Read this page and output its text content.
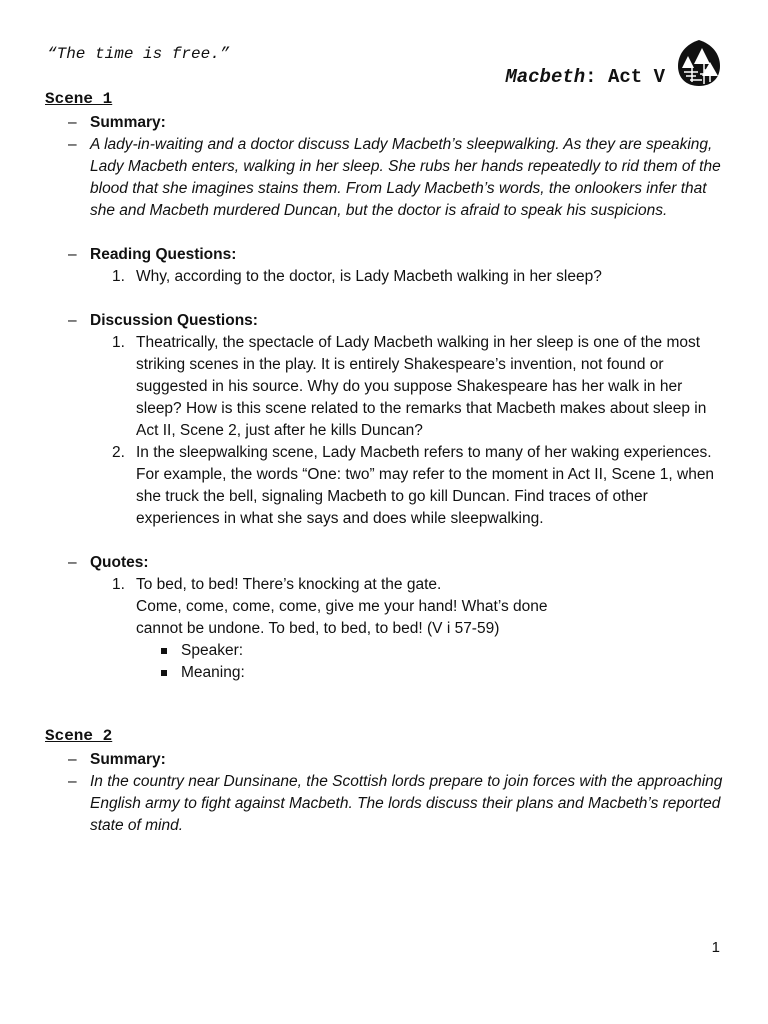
“The time is free.”
Macbeth: Act V
Scene 1
– Summary:
– A lady-in-waiting and a doctor discuss Lady Macbeth’s sleepwalking. As they are speaking, Lady Macbeth enters, walking in her sleep. She rubs her hands repeatedly to rid them of the blood that she imagines stains them. From Lady Macbeth’s words, the onlookers infer that she and Macbeth murdered Duncan, but the doctor is afraid to speak his suspicions.
– Reading Questions:
1. Why, according to the doctor, is Lady Macbeth walking in her sleep?
– Discussion Questions:
1. Theatrically, the spectacle of Lady Macbeth walking in her sleep is one of the most striking scenes in the play. It is entirely Shakespeare’s invention, not found or suggested in his source. Why do you suppose Shakespeare has her walk in her sleep? How is this scene related to the remarks that Macbeth makes about sleep in Act II, Scene 2, just after he kills Duncan?
2. In the sleepwalking scene, Lady Macbeth refers to many of her waking experiences. For example, the words “One: two” may refer to the moment in Act II, Scene 1, when she truck the bell, signaling Macbeth to go kill Duncan. Find traces of other experiences in what she says and does while sleepwalking.
– Quotes:
1. To bed, to bed! There’s knocking at the gate.
Come, come, come, come, give me your hand! What’s done
cannot be undone. To bed, to bed, to bed! (V i 57-59)
Speaker:
Meaning:
Scene 2
– Summary:
– In the country near Dunsinane, the Scottish lords prepare to join forces with the approaching English army to fight against Macbeth. The lords discuss their plans and Macbeth’s reported state of mind.
1
